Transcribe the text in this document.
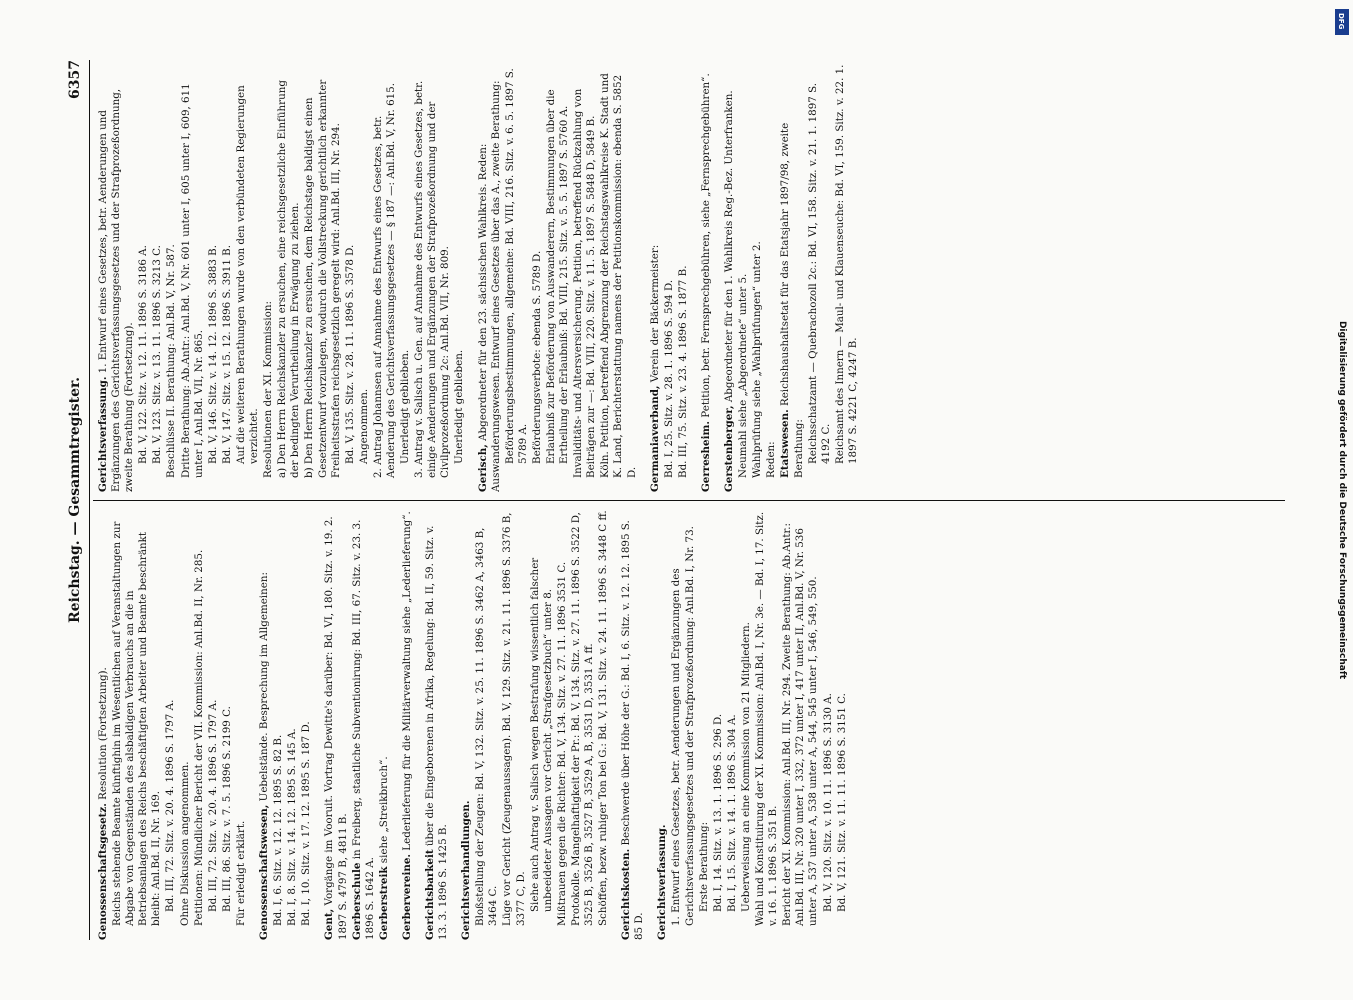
Reichstag. — Gesammtregister.
6357

Genossenschaftsgesetz. Resolution (Fortsetzung). Reichs stehende Beamte künftighin im Wesentlichen auf Veranstaltungen zur Abgabe von Gegenständen des alsbaldigen Verbrauchs an die in Betriebsanlagen des Reichs beschäftigten Arbeiter und Beamte beschränkt bleibt: Anl.Bd. II, Nr. 169. Bd. III, 72. Sitz. v. 20. 4. 1896 S. 1797 A. Ohne Diskussion angenommen. Petitionen: Mündlicher Bericht der VII. Kommission: Anl.Bd. II, Nr. 285. Bd. III, 72. Sitz. v. 20. 4. 1896 S. 1797 A. Bd. III, 86. Sitz. v. 7. 5. 1896 S. 2199 C. Für erledigt erklärt. Genossenschaftswesen, Uebelstände. Besprechung im Allgemeinen:

Bd. I, 6. Sitz. v. 12. 12. 1895 S. 82 B. Bd. I, 8. Sitz. v. 14. 12. 1895 S. 145 A. Bd. I, 10. Sitz. v. 17. 12. 1895 S. 187 D. Gent, Vorgänge im Vooruit. Vortrag Dewitte's darüber: Bd. VI, 180. Sitz. v. 19. 2. 1897 S. 4797 B, 4811 B. Gerberschule in Freiberg, staatliche Subventionirung: Bd. III, 67. Sitz. v. 23. 3. 1896 S. 1642 A. Gerberstreik siehe „Streikbruch“.

Gerbervereine. Lederlieferung für die Militärverwaltung siehe „Lederlieferung“.

Gerichtsbarkeit über die Eingeborenen in Afrika, Regelung: Bd. II, 59. Sitz. v. 13. 3. 1896 S. 1425 B. Gerichtsverhandlungen. Bloßstellung der Zeugen: Bd. V, 132. Sitz. v. 25. 11. 1896 S. 3462 A, 3463 B, 3464 C. Lüge vor Gericht (Zeugenaussagen). Bd. V, 129. Sitz. v. 21. 11. 1896 S. 3376 B, 3377 C, D. Siehe auch Antrag v. Salisch wegen Bestrafung wissentlich falscher unbeeideter Aussagen vor Gericht „Strafgesetzbuch“ unter 8. Mißtrauen gegen die Richter: Bd. V, 134. Sitz. v. 27. 11. 1896 3531 C. Protokolle. Mangelhaftigkeit der Pr.: Bd. V, 134. Sitz. v. 27. 11. 1896 S. 3522 D, 3525 B, 3526 B, 3527 B, 3529 A, B, 3531 D, 3531 A ff. Schöffen, bezw. ruhiger Ton bei G.: Bd. V, 131. Sitz. v. 24. 11. 1896 S. 3448 C ff. Gerichtskosten. Beschwerde über Höhe der G.: Bd. I, 6. Sitz. v. 12. 12. 1895 S. 85 D. Gerichtsverfassung. 1. Entwurf eines Gesetzes, betr. Aenderungen und Ergänzungen des Gerichtsverfassungsgesetzes und der Strafprozeßordnung: Anl.Bd. I, Nr. 73. Erste Berathung: Bd. I, 14. Sitz. v. 13. 1. 1896 S. 296 D. Bd. I, 15. Sitz. v. 14. 1. 1896 S. 304 A. Ueberweisung an eine Kommission von 21 Mitgliedern. Wahl und Konstituirung der XI. Kommission: Anl.Bd. I, Nr. 3e. — Bd. I, 17. Sitz. v. 16. 1. 1896 S. 351 B. Bericht der XI. Kommission: Anl.Bd. III, Nr. 294. Zweite Berathung: Ab.Antr.: Anl.Bd. III, Nr. 320 unter I, 332, 372 unter I, 417 unter II, Anl.Bd. V, Nr. 536 unter A, 537 unter A, 538 unter A, 544, 545 unter I, 546, 549, 550. Bd. V, 120. Sitz. v. 10. 11. 1896 S. 3130 A. Bd. V, 121. Sitz. v. 11. 11. 1896 S. 3151 C.

Gerichtsverfassung. 1. Entwurf eines Gesetzes, betr. Aenderungen und Ergänzungen des Gerichtsverfassungsgesetzes und der Strafprozeßordnung, zweite Berathung (Fortsetzung). Bd. V, 122. Sitz. v. 12. 11. 1896 S. 3186 A. Bd. V, 123. Sitz. v. 13. 11. 1896 S. 3213 C. Beschlüsse II. Berathung: Anl.Bd. V, Nr. 587. Dritte Berathung: Ab.Antr.: Anl.Bd. V, Nr. 601 unter I, 605 unter I, 609, 611 unter I, Anl.Bd. VII, Nr. 865. Bd. V, 146. Sitz. v. 14. 12. 1896 S. 3883 B. Bd. V, 147. Sitz. v. 15. 12. 1896 S. 3911 B. Auf die weiteren Berathungen wurde von den verbündeten Regierungen verzichtet. Resolutionen der XI. Kommission: a) Den Herrn Reichskanzler zu ersuchen, eine reichsgesetzliche Einführung der bedingten Verurtheilung in Erwägung zu ziehen. b) Den Herrn Reichskanzler zu ersuchen, dem Reichstage baldigst einen Gesetzentwurf vorzulegen, wodurch die Vollstreckung gerichtlich erkannter Freiheitsstrafen reichsgesetzlich geregelt wird: Anl.Bd. III, Nr. 294. Bd. V, 135. Sitz. v. 28. 11. 1896 S. 3578 D. Angenommen. 2. Antrag Johannsen auf Annahme des Entwurfs eines Gesetzes, betr. Aenderung des Gerichtsverfassungsgesetzes — § 187 —: Anl.Bd. V, Nr. 615. Unerledigt geblieben. 3. Antrag v. Salisch u. Gen. auf Annahme des Entwurfs eines Gesetzes, betr. einige Aenderungen und Ergänzungen der Strafprozeßordnung und der Civilprozeßordnung 2c: Anl.Bd. VII, Nr. 809. Unerledigt geblieben.

Gerisch, Abgeordneter für den 23. sächsischen Wahlkreis. Reden: Auswanderungswesen. Entwurf eines Gesetzes über das A., zweite Berathung: Beförderungsbestimmungen, allgemeine: Bd. VIII, 216. Sitz. v. 6. 5. 1897 S. 5789 A. Beförderungsverbote: ebenda S. 5789 D. Erlaubniß zur Beförderung von Auswanderern, Bestimmungen über die Ertheilung der Erlaubniß: Bd. VIII, 215. Sitz. v. 5. 5. 1897 S. 5760 A. Invaliditäts- und Altersversicherung. Petition, betreffend Rückzahlung von Beiträgen zur —: Bd. VIII, 220. Sitz. v. 11. 5. 1897 S. 5848 D, 5849 B. Köln. Petition, betreffend Abgrenzung der Reichstagswahlkreise K. Stadt und K. Land, Berichterstattung namens der Petitionskommission: ebenda S. 5852 D. Germaniaverband, Verein der Bäckermeister: Bd. I, 25. Sitz. v. 28. 1. 1896 S. 594 D. Bd. III, 75. Sitz. v. 23. 4. 1896 S. 1877 B. Gerresheim. Petition, betr. Fernsprechgebühren, siehe „Fernsprechgebühren“.

Gerstenberger, Abgeordneter für den 1. Wahlkreis Reg.-Bez. Unterfranken. Neumahl siehe „Abgeordnete“ unter 5. Wahlprüfung siehe „Wahlprüfungen“ unter 2. Reden: Etatswesen. Reichshaushaltsetat für das Etatsjahr 1897/98, zweite Berathung: Reichsschatzamt — Quebrachozoll 2c.: Bd. VI, 158. Sitz. v. 21. 1. 1897 S. 4192 C. Reichsamt des Innern — Maul- und Klauenseuche: Bd. VI, 159. Sitz. v. 22. 1. 1897 S. 4221 C, 4247 B.

DFG
Digitalisierung gefördert durch die Deutsche Forschungsgemeinschaft
